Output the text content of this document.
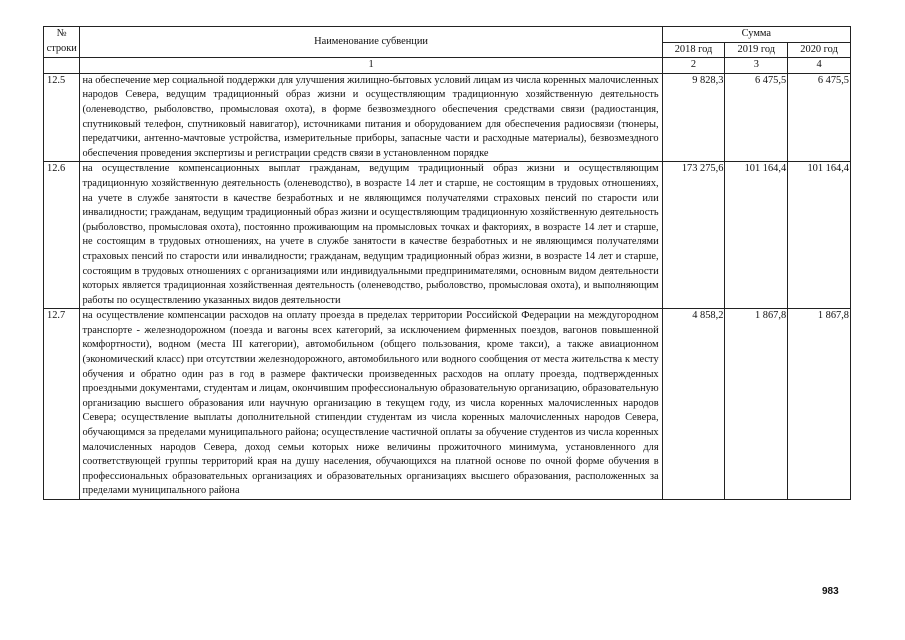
№
строки	Наименование субвенции	Сумма		
		2018 год	2019 год	2020 год
	1	2	3	4
12.5	на обеспечение мер социальной поддержки для улучшения жилищно-бытовых условий лицам из числа коренных малочисленных народов Севера, ведущим традиционный образ жизни и осуществляющим традиционную хозяйственную деятельность (оленеводство, рыболовство, промысловая охота), в форме безвозмездного обеспечения средствами связи (радиостанция, спутниковый телефон, спутниковый навигатор), источниками питания и оборудованием для обеспечения радиосвязи (тюнеры, передатчики, антенно-мачтовые устройства, измерительные приборы, запасные части и расходные материалы), безвозмездного обеспечения проведения экспертизы и регистрации средств связи в установленном порядке	9 828,3	6 475,5	6 475,5
12.6	на осуществление компенсационных выплат гражданам, ведущим традиционный образ жизни и осуществляющим традиционную хозяйственную деятельность (оленеводство), в возрасте 14 лет и старше, не состоящим в трудовых отношениях, на учете в службе занятости в качестве безработных и не являющимся получателями страховых пенсий по старости или инвалидности; гражданам, ведущим традиционный образ жизни и осуществляющим традиционную хозяйственную деятельность (рыболовство, промысловая охота), постоянно проживающим на промысловых точках и факториях, в возрасте 14 лет и старше, не состоящим в трудовых отношениях, на учете в службе занятости в качестве безработных и не являющимся получателями страховых пенсий по старости или инвалидности; гражданам, ведущим традиционный образ жизни, в возрасте 14 лет и старше, состоящим в трудовых отношениях с организациями или индивидуальными предпринимателями, основным видом деятельности которых является традиционная хозяйственная деятельность (оленеводство, рыболовство, промысловая охота), и выполняющим работы по осуществлению указанных видов деятельности	173 275,6	101 164,4	101 164,4
12.7	на осуществление компенсации расходов на оплату проезда в пределах территории Российской Федерации на междугородном транспорте - железнодорожном (поезда и вагоны всех категорий, за исключением фирменных поездов, вагонов повышенной комфортности), водном (места III категории), автомобильном (общего пользования, кроме такси), а также авиационном (экономический класс) при отсутствии железнодорожного, автомобильного или водного сообщения от места жительства к месту обучения и обратно один раз в год в размере фактически произведенных расходов на оплату проезда, подтвержденных проездными документами, студентам и лицам, окончившим профессиональную образовательную организацию, образовательную организацию высшего образования или научную организацию в текущем году, из числа коренных малочисленных народов Севера; осуществление выплаты дополнительной стипендии студентам из числа коренных малочисленных народов Севера, обучающимся за пределами муниципального района; осуществление частичной оплаты за обучение студентов из числа коренных малочисленных народов Севера, доход семьи которых ниже величины прожиточного минимума, установленного для соответствующей группы территорий края на душу населения, обучающихся на платной основе по очной форме обучения в профессиональных образовательных организациях и образовательных организациях высшего образования, расположенных за пределами муниципального района	4 858,2	1 867,8	1 867,8
983
